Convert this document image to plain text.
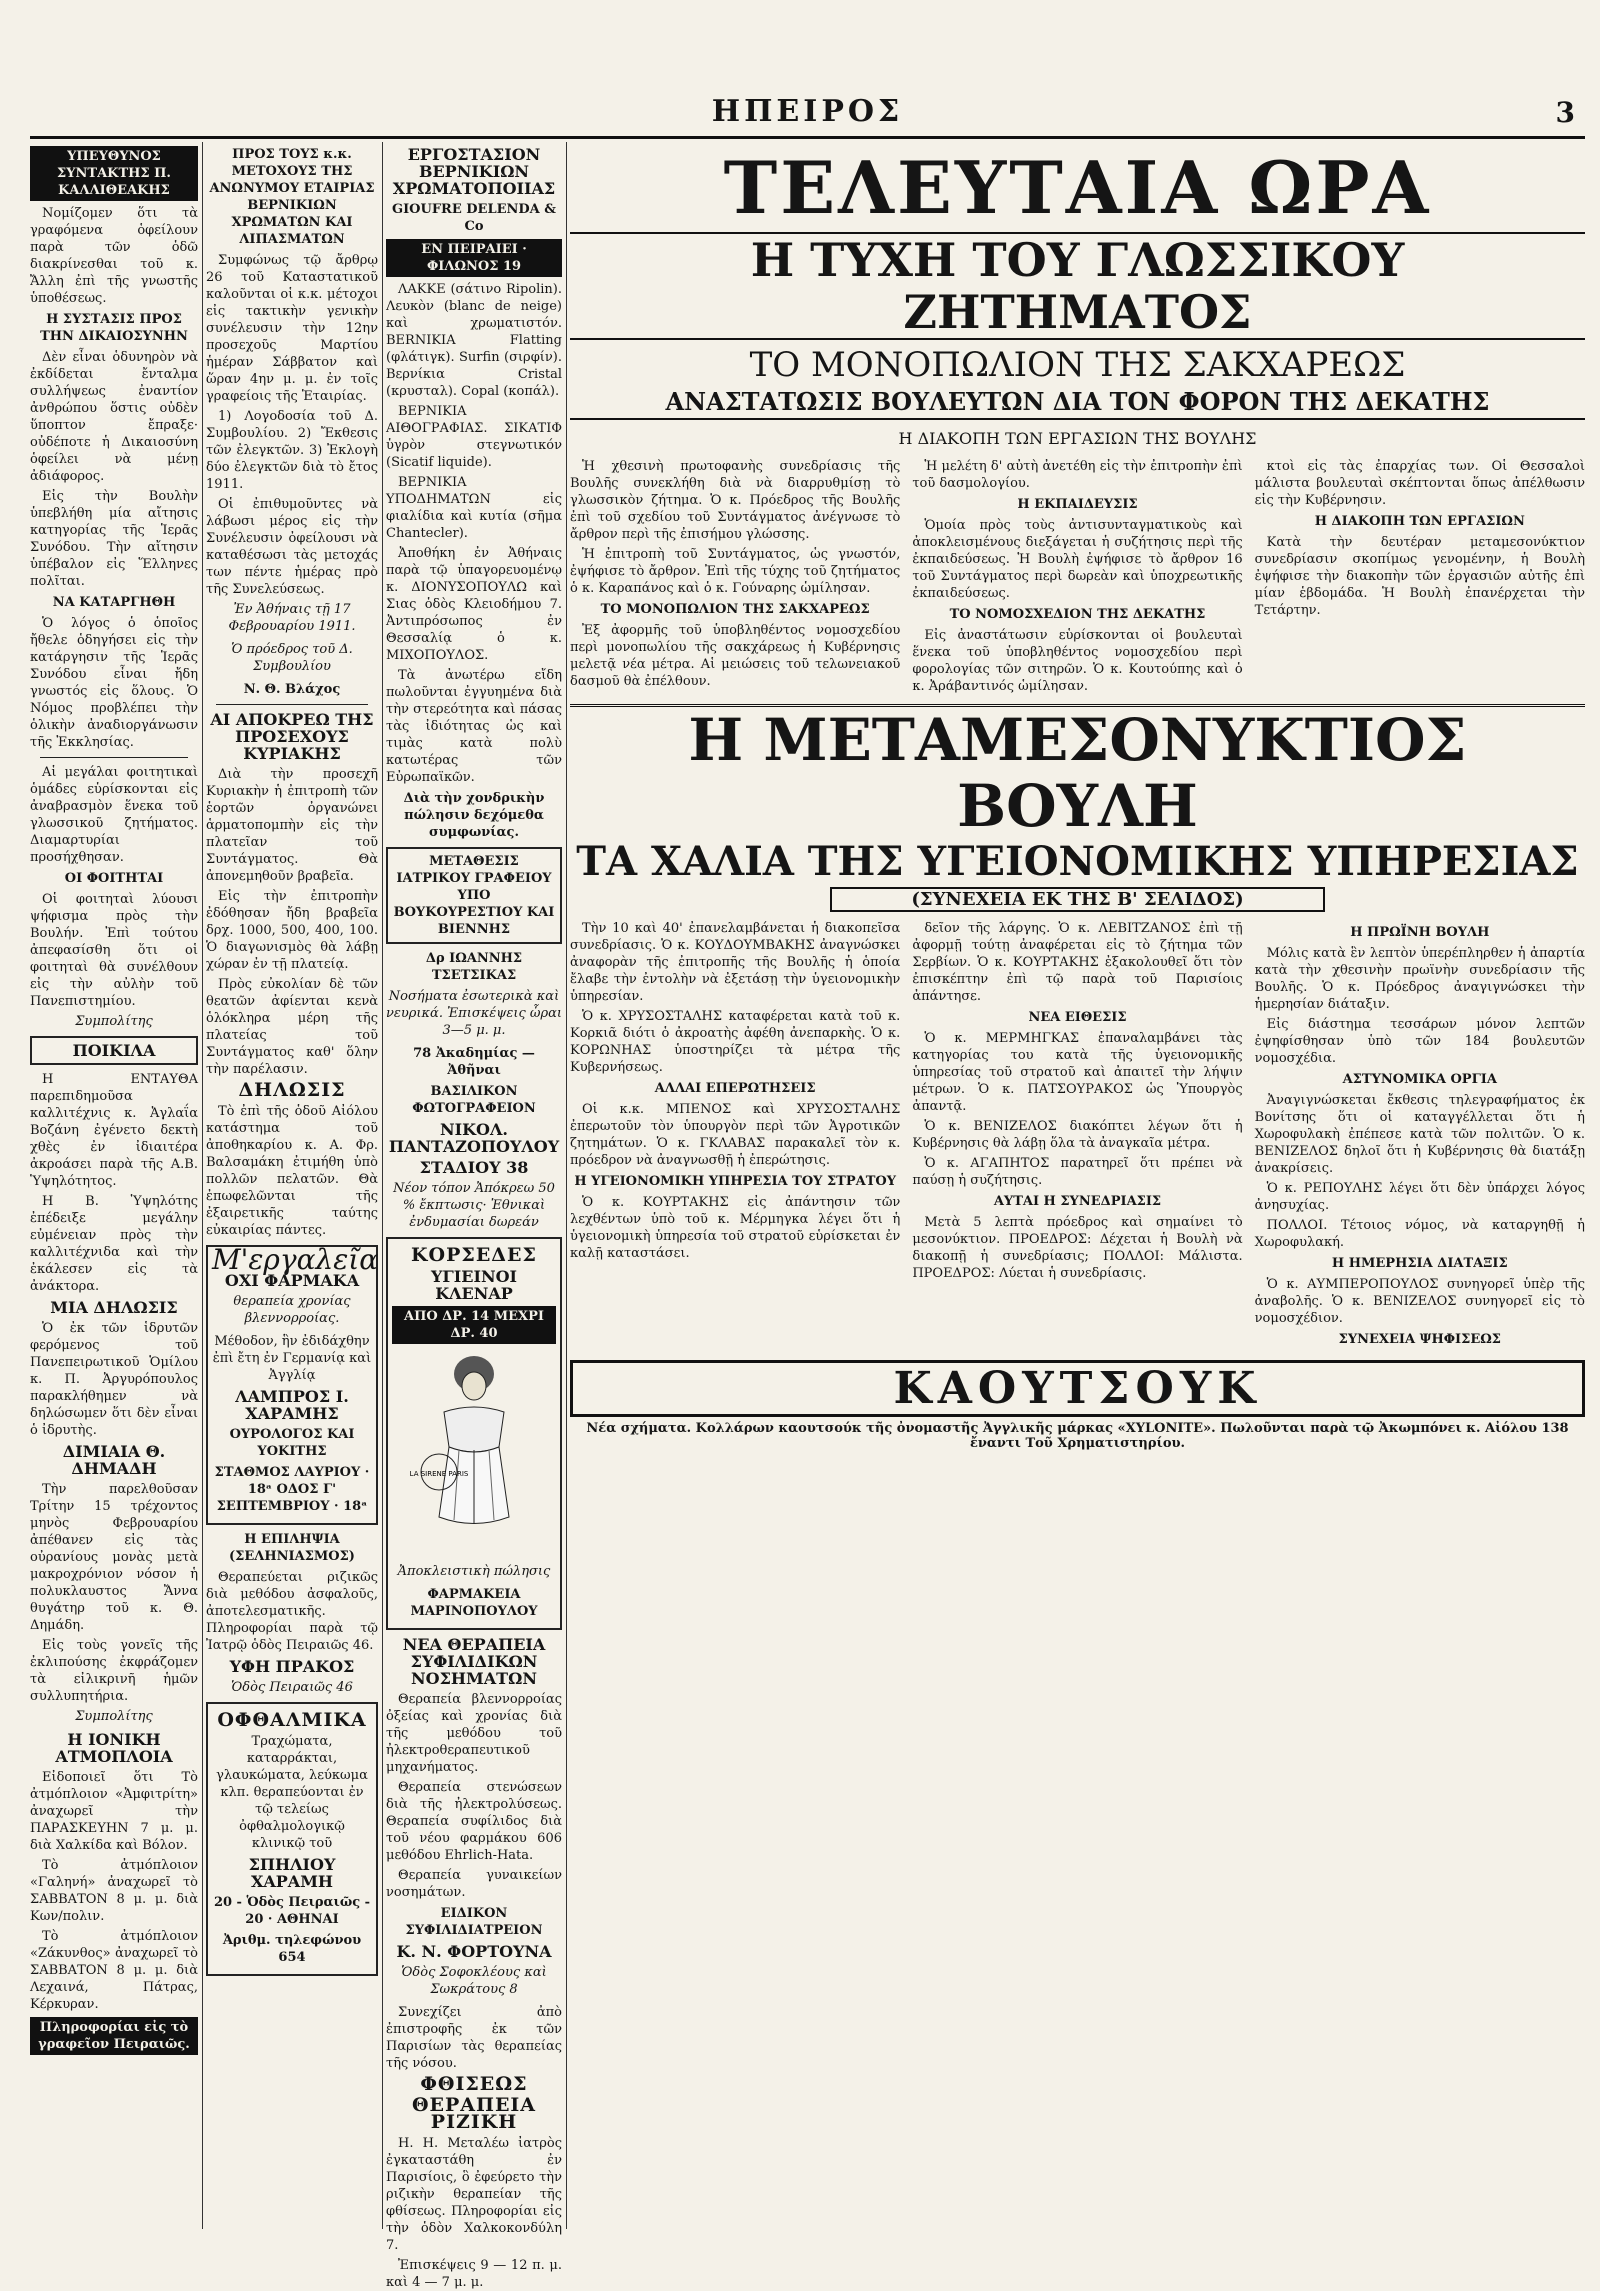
ΗΠΕΙΡΟΣ	3
ΥΠΕΥΘΥΝΟΣ ΣΥΝΤΑΚΤΗΣ Π. ΚΑΛΛΙΘΕΑΚΗΣ

Νομίζομεν ὅτι τὰ γραφόμενα ὁφείλουν παρὰ τῶν ὁδῶ διακρίνεσθαι τοῦ κ. Ἄλλη ἐπὶ τῆς γνωστῆς ὑποθέσεως.

Η ΣΥΣΤΑΣΙΣ ΠΡΟΣ ΤΗΝ ΔΙΚΑΙΟΣΥΝΗΝ

Δὲν εἶναι ὁδυνηρὸν νὰ ἐκδίδεται ἔνταλμα συλλήψεως ἐναντίον ἀνθρώπου ὅστις οὐδὲν ὕποπτον ἔπραξε· οὐδέποτε ἡ Δικαιοσύνη ὁφείλει νὰ μένῃ ἀδιάφορος.

Εἰς τὴν Βουλὴν ὑπεβλήθη μία αἴτησις κατηγορίας τῆς Ἱερᾶς Συνόδου. Τὴν αἴτησιν ὑπέβαλον εἰς Ἕλληνες πολῖται.

ΝΑ ΚΑΤΑΡΓΗΘΗ

Ὁ λόγος ὁ ὁποῖος ἤθελε ὁδηγήσει εἰς τὴν κατάργησιν τῆς Ἱερᾶς Συνόδου εἶναι ἤδη γνωστός εἰς ὅλους. Ὁ Νόμος προβλέπει τὴν ὁλικὴν ἀναδιοργάνωσιν τῆς Ἐκκλησίας.

Αἱ μεγάλαι φοιτητικαὶ ὁμάδες εὑρίσκονται εἰς ἀναβρασμὸν ἕνεκα τοῦ γλωσσικοῦ ζητήματος. Διαμαρτυρίαι προσήχθησαν.

ΟΙ ΦΟΙΤΗΤΑΙ

Οἱ φοιτηταὶ λύουσι ψήφισμα πρὸς τὴν Βουλήν. Ἐπὶ τούτου ἀπεφασίσθη ὅτι οἱ φοιτηταὶ θὰ συνέλθουν εἰς τὴν αὐλὴν τοῦ Πανεπιστημίου.

Συμπολίτης
ΠΟΙΚΙΛΑ

Η ΕΝΤΑΥΘΑ παρεπιδημοῦσα καλλιτέχνις κ. Ἀγλαΐα Βοζάνη ἐγένετο δεκτὴ χθὲς ἐν ἰδιαιτέρα ἀκροάσει παρὰ τῆς Α.Β. Ὑψηλότητος.

Η Β. Ὑψηλότης ἐπέδειξε μεγάλην εὐμένειαν πρὸς τὴν καλλιτέχνιδα καὶ τὴν ἐκάλεσεν εἰς τὰ ἀνάκτορα.

ΜΙΑ ΔΗΛΩΣΙΣ

Ὁ ἐκ τῶν ἱδρυτῶν φερόμενος τοῦ Πανεπειρωτικοῦ Ὁμίλου κ. Π. Ἀργυρόπουλος παρακλήθημεν νὰ δηλώσωμεν ὅτι δὲν εἶναι ὁ ἰδρυτὴς.

ΔΙΜΙΑΙΑ Θ. ΔΗΜΑΔΗ

Τὴν παρελθοῦσαν Τρίτην 15 τρέχοντος μηνὸς Φεβρουαρίου ἀπέθανεν εἰς τὰς οὐρανίους μονὰς μετὰ μακροχρόνιον νόσον ἡ πολυκλαυστος Ἄννα θυγάτηρ τοῦ κ. Θ. Δημάδη.

Εἰς τοὺς γονεῖς τῆς ἐκλιπούσης ἐκφράζομεν τὰ εἰλικρινῆ ἡμῶν συλλυπητήρια.

Συμπολίτης
Η ΙΟΝΙΚΗ ΑΤΜΟΠΛΟΙΑ

Εἰδοποιεῖ ὅτι Τὸ ἀτμόπλοιον «Ἀμφιτρίτη» ἀναχωρεῖ τὴν ΠΑΡΑΣΚΕΥΗΝ 7 μ. μ. διὰ Χαλκίδα καὶ Βόλον.

Τὸ ἀτμόπλοιον «Γαληνή» ἀναχωρεῖ τὸ ΣΑΒΒΑΤΟΝ 8 μ. μ. διὰ Κων/πολιν.

Τὸ ἀτμόπλοιον «Ζάκυνθος» ἀναχωρεῖ τὸ ΣΑΒΒΑΤΟΝ 8 μ. μ. διὰ Λεχαινά, Πάτρας, Κέρκυραν.

Πληροφορίαι εἰς τὸ γραφεῖον Πειραιῶς.
ΠΡΟΣ ΤΟΥΣ κ.κ. ΜΕΤΟΧΟΥΣ ΤΗΣ ΑΝΩΝΥΜΟΥ ΕΤΑΙΡΙΑΣ ΒΕΡΝΙΚΙΩΝ ΧΡΩΜΑΤΩΝ ΚΑΙ ΛΙΠΑΣΜΑΤΩΝ

Συμφώνως τῷ ἄρθρῳ 26 τοῦ Καταστατικοῦ καλοῦνται οἱ κ.κ. μέτοχοι εἰς τακτικὴν γενικὴν συνέλευσιν τὴν 12ην προσεχοῦς Μαρτίου ἡμέραν Σάββατον καὶ ὥραν 4ην μ. μ. ἐν τοῖς γραφείοις τῆς Ἑταιρίας.

1) Λογοδοσία τοῦ Δ. Συμβουλίου. 2) Ἔκθεσις τῶν ἐλεγκτῶν. 3) Ἐκλογὴ δύο ἐλεγκτῶν διὰ τὸ ἔτος 1911.

Οἱ ἐπιθυμοῦντες νὰ λάβωσι μέρος εἰς τὴν Συνέλευσιν ὀφείλουσι νὰ καταθέσωσι τὰς μετοχάς των πέντε ἡμέρας πρὸ τῆς Συνελεύσεως.

Ἐν Ἀθήναις τῇ 17 Φεβρουαρίου 1911.
Ὁ πρόεδρος τοῦ Δ. Συμβουλίου
Ν. Θ. Βλάχος
ΑΙ ΑΠΟΚΡΕΩ ΤΗΣ ΠΡΟΣΕΧΟΥΣ ΚΥΡΙΑΚΗΣ

Διὰ τὴν προσεχῆ Κυριακὴν ἡ ἐπιτροπὴ τῶν ἑορτῶν ὀργανώνει ἁρματοπομπὴν εἰς τὴν πλατεῖαν τοῦ Συντάγματος. Θὰ ἀπονεμηθοῦν βραβεῖα.

Εἰς τὴν ἐπιτροπὴν ἐδόθησαν ἤδη βραβεῖα δρχ. 1000, 500, 400, 100. Ὁ διαγωνισμὸς θὰ λάβῃ χώραν ἐν τῇ πλατείᾳ.

Πρὸς εὐκολίαν δὲ τῶν θεατῶν ἀφίενται κενὰ ὁλόκληρα μέρη τῆς πλατείας τοῦ Συντάγματος καθ' ὅλην τὴν παρέλασιν.

ΔΗΛΩΣΙΣ

Τὸ ἐπὶ τῆς ὁδοῦ Αἰόλου κατάστημα τοῦ ἀποθηκαρίου κ. Α. Φρ. Βαλσαμάκη ἐτιμήθη ὑπὸ πολλῶν πελατῶν. Θὰ ἐπωφελῶνται τῆς ἐξαιρετικῆς ταύτης εὐκαιρίας πάντες.

Μ'εργαλεῖα
ΟΧΙ ΦΑΡΜΑΚΑ
θεραπεία χρονίας βλεννορροίας.
Μέθοδον, ἣν ἐδιδάχθην ἐπὶ ἔτη ἐν Γερμανίᾳ καὶ Ἀγγλίᾳ
ΛΑΜΠΡΟΣ Ι. ΧΑΡΑΜΗΣ
ΟΥΡΟΛΟΓΟΣ ΚΑΙ ΥΟΚΙΤΗΣ
ΣΤΑΘΜΟΣ ΛΑΥΡΙΟΥ · 18ᵃ ΟΔΟΣ Γ' ΣΕΠΤΕΜΒΡΙΟΥ · 18ᵃ
Η ΕΠΙΛΗΨΙΑ (ΣΕΛΗΝΙΑΣΜΟΣ)

Θεραπεύεται ριζικῶς διὰ μεθόδου ἀσφαλοῦς, ἀποτελεσματικῆς. Πληροφορίαι παρὰ τῷ Ἰατρῷ ὁδὸς Πειραιῶς 46.

ΥΦΗ ΠΡΑΚΟΣ
Ὁδὸς Πειραιῶς 46
ΟΦΘΑΛΜΙΚΑ
Τραχώματα, καταρράκται, γλαυκώματα, λεύκωμα κλπ. θεραπεύονται ἐν τῷ τελείως ὀφθαλμολογικῷ κλινικῷ τοῦ
ΣΠΗΛΙΟΥ ΧΑΡΑΜΗ
20 - Ὁδὸς Πειραιῶς - 20 · ΑΘΗΝΑΙ
Ἀριθμ. τηλεφώνου 654
ΕΡΓΟΣΤΑΣΙΟΝ ΒΕΡΝΙΚΙΩΝ ΧΡΩΜΑΤΟΠΟΙΙΑΣ
GIOUFRE DELENDA & Co
ΕΝ ΠΕΙΡΑΙΕΙ · ΦΙΛΩΝΟΣ 19

ΛΑΚΚΕ (σάτινο Ripolin). Λευκὸν (blanc de neige) καὶ χρωματιστόν. BERNIKIA Flatting (φλάτιγκ). Surfin (σιρφίν). Βερνίκια Cristal (κρυσταλ). Copal (κοπάλ).

ΒΕΡΝΙΚΙΑ ΑΙΘΟΓΡΑΦΙΑΣ. ΣΙΚΑΤΙΦ ὑγρὸν στεγνωτικόν (Sicatif liquide).

ΒΕΡΝΙΚΙΑ ΥΠΟΔΗΜΑΤΩΝ εἰς φιαλίδια καὶ κυτία (σῆμα Chantecler).

Ἀποθήκη ἐν Ἀθήναις παρὰ τῷ ὑπαγορευομένῳ κ. ΔΙΟΝΥΣΟΠΟΥΛΩ καὶ Σιας ὁδὸς Κλειοδήμου 7. Ἀντιπρόσωπος ἐν Θεσσαλίᾳ ὁ κ. ΜΙΧΟΠΟΥΛΟΣ.

Τὰ ἀνωτέρω εἴδη πωλοῦνται ἐγγυημένα διὰ τὴν στερεότητα καὶ πάσας τὰς ἰδιότητας ὡς καὶ τιμὰς κατὰ πολὺ κατωτέρας τῶν Εὐρωπαϊκῶν.

Διὰ τὴν χονδρικὴν πώλησιν δεχόμεθα συμφωνίας.
ΜΕΤΑΘΕΣΙΣ ΙΑΤΡΙΚΟΥ ΓΡΑΦΕΙΟΥ ΥΠΟ ΒΟΥΚΟΥΡΕΣΤΙΟΥ ΚΑΙ ΒΙΕΝΝΗΣ
Δρ ΙΩΑΝΝΗΣ ΤΣΕΤΣΙΚΑΣ
Νοσήματα ἐσωτερικὰ καὶ νευρικά. Ἐπισκέψεις ὧραι 3—5 μ. μ.
78 Ἀκαδημίας — Ἀθῆναι
ΒΑΣΙΛΙΚΟΝ ΦΩΤΟΓΡΑΦΕΙΟΝ
ΝΙΚΟΛ. ΠΑΝΤΑΖΟΠΟΥΛΟΥ
ΣΤΑΔΙΟΥ 38
Νέον τόπον Ἀπόκρεω 50 % ἔκπτωσις· Ἐθνικαὶ ἐνδυμασίαι δωρεάν
ΚΟΡΣΕΔΕΣ
ΥΓΙΕΙΝΟΙ ΚΛΕΝΑΡ
ΑΠΟ ΔΡ. 14 ΜΕΧΡΙ ΔΡ. 40
LA SIRENE PARIS
Ἀποκλειστικὴ πώλησις
ΦΑΡΜΑΚΕΙΑ ΜΑΡΙΝΟΠΟΥΛΟΥ
ΝΕΑ ΘΕΡΑΠΕΙΑ ΣΥΦΙΛΙΔΙΚΩΝ ΝΟΣΗΜΑΤΩΝ

Θεραπεία βλεννορροίας ὀξείας καὶ χρονίας διὰ τῆς μεθόδου τοῦ ἠλεκτροθεραπευτικοῦ μηχανήματος.

Θεραπεία στενώσεων διὰ τῆς ἠλεκτρολύσεως. Θεραπεία συφίλιδος διὰ τοῦ νέου φαρμάκου 606 μεθόδου Ehrlich-Hata.

Θεραπεία γυναικείων νοσημάτων.

ΕΙΔΙΚΟΝ ΣΥΦΙΛΙΔΙΑΤΡΕΙΟΝ
Κ. Ν. ΦΟΡΤΟΥΝΑ
Ὁδὸς Σοφοκλέους καὶ Σωκράτους 8

Συνεχίζει ἀπὸ ἐπιστροφῆς ἐκ τῶν Παρισίων τὰς θεραπείας τῆς νόσου.

ΦΘΙΣΕΩΣ
ΘΕΡΑΠΕΙΑ ΡΙΖΙΚΗ

Η. Η. Μεταλέω ἰατρὸς ἐγκαταστάθη ἐν Παρισίοις, ὃ ἐφεύρετο τὴν ριζικὴν θεραπείαν τῆς φθίσεως. Πληροφορίαι εἰς τὴν ὁδὸν Χαλκοκονδύλη 7.

Ἐπισκέψεις 9 — 12 π. μ. καὶ 4 — 7 μ. μ.

ΤΕΛΕΥΤΑΙΑ ΩΡΑ
Η ΤΥΧΗ ΤΟΥ ΓΛΩΣΣΙΚΟΥ ΖΗΤΗΜΑΤΟΣ
ΤΟ ΜΟΝΟΠΩΛΙΟΝ ΤΗΣ ΣΑΚΧΑΡΕΩΣ
ΑΝΑΣΤΑΤΩΣΙΣ ΒΟΥΛΕΥΤΩΝ ΔΙΑ ΤΟΝ ΦΟΡΟΝ ΤΗΣ ΔΕΚΑΤΗΣ
Η ΔΙΑΚΟΠΗ ΤΩΝ ΕΡΓΑΣΙΩΝ ΤΗΣ ΒΟΥΛΗΣ

Ἡ χθεσινὴ πρωτοφανὴς συνεδρίασις τῆς Βουλῆς συνεκλήθη διὰ νὰ διαρρυθμίσῃ τὸ γλωσσικὸν ζήτημα. Ὁ κ. Πρόεδρος τῆς Βουλῆς ἐπὶ τοῦ σχεδίου τοῦ Συντάγματος ἀνέγνωσε τὸ ἄρθρον περὶ τῆς ἐπισήμου γλώσσης.

Ἡ ἐπιτροπὴ τοῦ Συντάγματος, ὡς γνωστόν, ἐψήφισε τὸ ἄρθρον. Ἐπὶ τῆς τύχης τοῦ ζητήματος ὁ κ. Καραπάνος καὶ ὁ κ. Γούναρης ὡμίλησαν.

ΤΟ ΜΟΝΟΠΩΛΙΟΝ ΤΗΣ ΣΑΚΧΑΡΕΩΣ

Ἐξ ἀφορμῆς τοῦ ὑποβληθέντος νομοσχεδίου περὶ μονοπωλίου τῆς σακχάρεως ἡ Κυβέρνησις μελετᾷ νέα μέτρα. Αἱ μειώσεις τοῦ τελωνειακοῦ δασμοῦ θὰ ἐπέλθουν.

Ἡ μελέτη δ' αὐτὴ ἀνετέθη εἰς τὴν ἐπιτροπὴν ἐπὶ τοῦ δασμολογίου.

Η ΕΚΠΑΙΔΕΥΣΙΣ

Ὁμοία πρὸς τοὺς ἀντισυνταγματικοὺς καὶ ἀποκλεισμένους διεξάγεται ἡ συζήτησις περὶ τῆς ἐκπαιδεύσεως. Ἡ Βουλὴ ἐψήφισε τὸ ἄρθρον 16 τοῦ Συντάγματος περὶ δωρεὰν καὶ ὑποχρεωτικῆς ἐκπαιδεύσεως.

ΤΟ ΝΟΜΟΣΧΕΔΙΟΝ ΤΗΣ ΔΕΚΑΤΗΣ

Εἰς ἀναστάτωσιν εὑρίσκονται οἱ βουλευταὶ ἕνεκα τοῦ ὑποβληθέντος νομοσχεδίου περὶ φορολογίας τῶν σιτηρῶν. Ὁ κ. Κουτούπης καὶ ὁ κ. Ἀράβαντινός ὡμίλησαν.

κτοὶ εἰς τὰς ἐπαρχίας των. Οἱ Θεσσαλοὶ μάλιστα βουλευταὶ σκέπτονται ὅπως ἀπέλθωσιν εἰς τὴν Κυβέρνησιν.

Η ΔΙΑΚΟΠΗ ΤΩΝ ΕΡΓΑΣΙΩΝ

Κατὰ τὴν δευτέραν μεταμεσονύκτιον συνεδρίασιν σκοπίμως γενομένην, ἡ Βουλὴ ἐψήφισε τὴν διακοπὴν τῶν ἐργασιῶν αὐτῆς ἐπὶ μίαν ἑβδομάδα. Ἡ Βουλὴ ἐπανέρχεται τὴν Τετάρτην.

Η ΜΕΤΑΜΕΣΟΝΥΚΤΙΟΣ ΒΟΥΛΗ
ΤΑ ΧΑΛΙΑ ΤΗΣ ΥΓΕΙΟΝΟΜΙΚΗΣ ΥΠΗΡΕΣΙΑΣ
(ΣΥΝΕΧΕΙΑ ΕΚ ΤΗΣ Β' ΣΕΛΙΔΟΣ)

Τὴν 10 καὶ 40' ἐπανελαμβάνεται ἡ διακοπεῖσα συνεδρίασις. Ὁ κ. ΚΟΥΔΟΥΜΒΑΚΗΣ ἀναγνώσκει ἀναφορὰν τῆς ἐπιτροπῆς τῆς Βουλῆς ἡ ὁποία ἔλαβε τὴν ἐντολὴν νὰ ἐξετάσῃ τὴν ὑγειονομικὴν ὑπηρεσίαν.

Ὁ κ. ΧΡΥΣΟΣΤΑΛΗΣ καταφέρεται κατὰ τοῦ κ. Κορκιᾶ διότι ὁ ἀκροατὴς ἀφέθη ἀνεπαρκὴς. Ὁ κ. ΚΟΡΩΝΗΑΣ ὑποστηρίζει τὰ μέτρα τῆς Κυβερνήσεως.

ΑΛΛΑΙ ΕΠΕΡΩΤΗΣΕΙΣ

Οἱ κ.κ. ΜΠΕΝΟΣ καὶ ΧΡΥΣΟΣΤΑΛΗΣ ἐπερωτοῦν τὸν ὑπουργὸν περὶ τῶν Ἀγροτικῶν ζητημάτων. Ὁ κ. ΓΚΛΑΒΑΣ παρακαλεῖ τὸν κ. πρόεδρον νὰ ἀναγνωσθῇ ἡ ἐπερώτησις.

Η ΥΓΕΙΟΝΟΜΙΚΗ ΥΠΗΡΕΣΙΑ ΤΟΥ ΣΤΡΑΤΟΥ

Ὁ κ. ΚΟΥΡΤΑΚΗΣ εἰς ἀπάντησιν τῶν λεχθέντων ὑπὸ τοῦ κ. Μέρμηγκα λέγει ὅτι ἡ ὑγειονομικὴ ὑπηρεσία τοῦ στρατοῦ εὑρίσκεται ἐν καλῇ καταστάσει.

δεῖον τῆς λάργης. Ὁ κ. ΛΕΒΙΤΖΑΝΟΣ ἐπὶ τῇ ἀφορμῇ τούτῃ ἀναφέρεται εἰς τὸ ζήτημα τῶν Σερβίων. Ὁ κ. ΚΟΥΡΤΑΚΗΣ ἐξακολουθεῖ ὅτι τὸν ἐπισκέπτην ἐπὶ τῷ παρὰ τοῦ Παρισίοις ἀπάντησε.

ΝΕΑ ΕΙΘΕΣΙΣ

Ὁ κ. ΜΕΡΜΗΓΚΑΣ ἐπαναλαμβάνει τὰς κατηγορίας του κατὰ τῆς ὑγειονομικῆς ὑπηρεσίας τοῦ στρατοῦ καὶ ἀπαιτεῖ τὴν λήψιν μέτρων. Ὁ κ. ΠΑΤΣΟΥΡΑΚΟΣ ὡς Ὑπουργὸς ἀπαντᾷ.

Ὁ κ. ΒΕΝΙΖΕΛΟΣ διακόπτει λέγων ὅτι ἡ Κυβέρνησις θὰ λάβῃ ὅλα τὰ ἀναγκαῖα μέτρα.

Ὁ κ. ΑΓΑΠΗΤΟΣ παρατηρεῖ ὅτι πρέπει νὰ παύσῃ ἡ συζήτησις.

ΑΥΤΑΙ Η ΣΥΝΕΔΡΙΑΣΙΣ

Μετὰ 5 λεπτὰ πρόεδρος καὶ σημαίνει τὸ μεσονύκτιον. ΠΡΟΕΔΡΟΣ: Δέχεται ἡ Βουλὴ νὰ διακοπῇ ἡ συνεδρίασις; ΠΟΛΛΟΙ: Μάλιστα. ΠΡΟΕΔΡΟΣ: Λύεται ἡ συνεδρίασις.

Η ΠΡΩΪΝΗ ΒΟΥΛΗ

Μόλις κατὰ ἓν λεπτὸν ὑπερέπληρθεν ἡ ἀπαρτία κατὰ τὴν χθεσινὴν πρωϊνὴν συνεδρίασιν τῆς Βουλῆς. Ὁ κ. Πρόεδρος ἀναγιγνώσκει τὴν ἡμερησίαν διάταξιν.

Εἰς διάστημα τεσσάρων μόνον λεπτῶν ἐψηφίσθησαν ὑπὸ τῶν 184 βουλευτῶν νομοσχέδια.

ΑΣΤΥΝΟΜΙΚΑ ΟΡΓΙΑ

Ἀναγιγνώσκεται ἔκθεσις τηλεγραφήματος ἐκ Βονίτσης ὅτι οἱ καταγγέλλεται ὅτι ἡ Χωροφυλακὴ ἐπέπεσε κατὰ τῶν πολιτῶν. Ὁ κ. ΒΕΝΙΖΕΛΟΣ δηλοῖ ὅτι ἡ Κυβέρνησις θὰ διατάξῃ ἀνακρίσεις.

Ὁ κ. ΡΕΠΟΥΛΗΣ λέγει ὅτι δὲν ὑπάρχει λόγος ἀνησυχίας.

ΠΟΛΛΟΙ. Τέτοιος νόμος, νὰ καταργηθῇ ἡ Χωροφυλακή.

Η ΗΜΕΡΗΣΙΑ ΔΙΑΤΑΞΙΣ

Ὁ κ. ΑΥΜΠΕΡΟΠΟΥΛΟΣ συνηγορεῖ ὑπὲρ τῆς ἀναβολῆς. Ὁ κ. ΒΕΝΙΖΕΛΟΣ συνηγορεῖ εἰς τὸ νομοσχέδιον.

ΣΥΝΕΧΕΙΑ ΨΗΦΙΣΕΩΣ
ΚΑΟΥΤΣΟΥΚ
Νέα σχήματα. Κολλάρων καουτσούκ τῆς ὀνομαστῆς Ἀγγλικῆς μάρκας «ΧYLONITE». Πωλοῦνται παρὰ τῷ Ἀκωμπόνει κ. Αἰόλου 138 ἔναντι Τοῦ Χρηματιστηρίου.
